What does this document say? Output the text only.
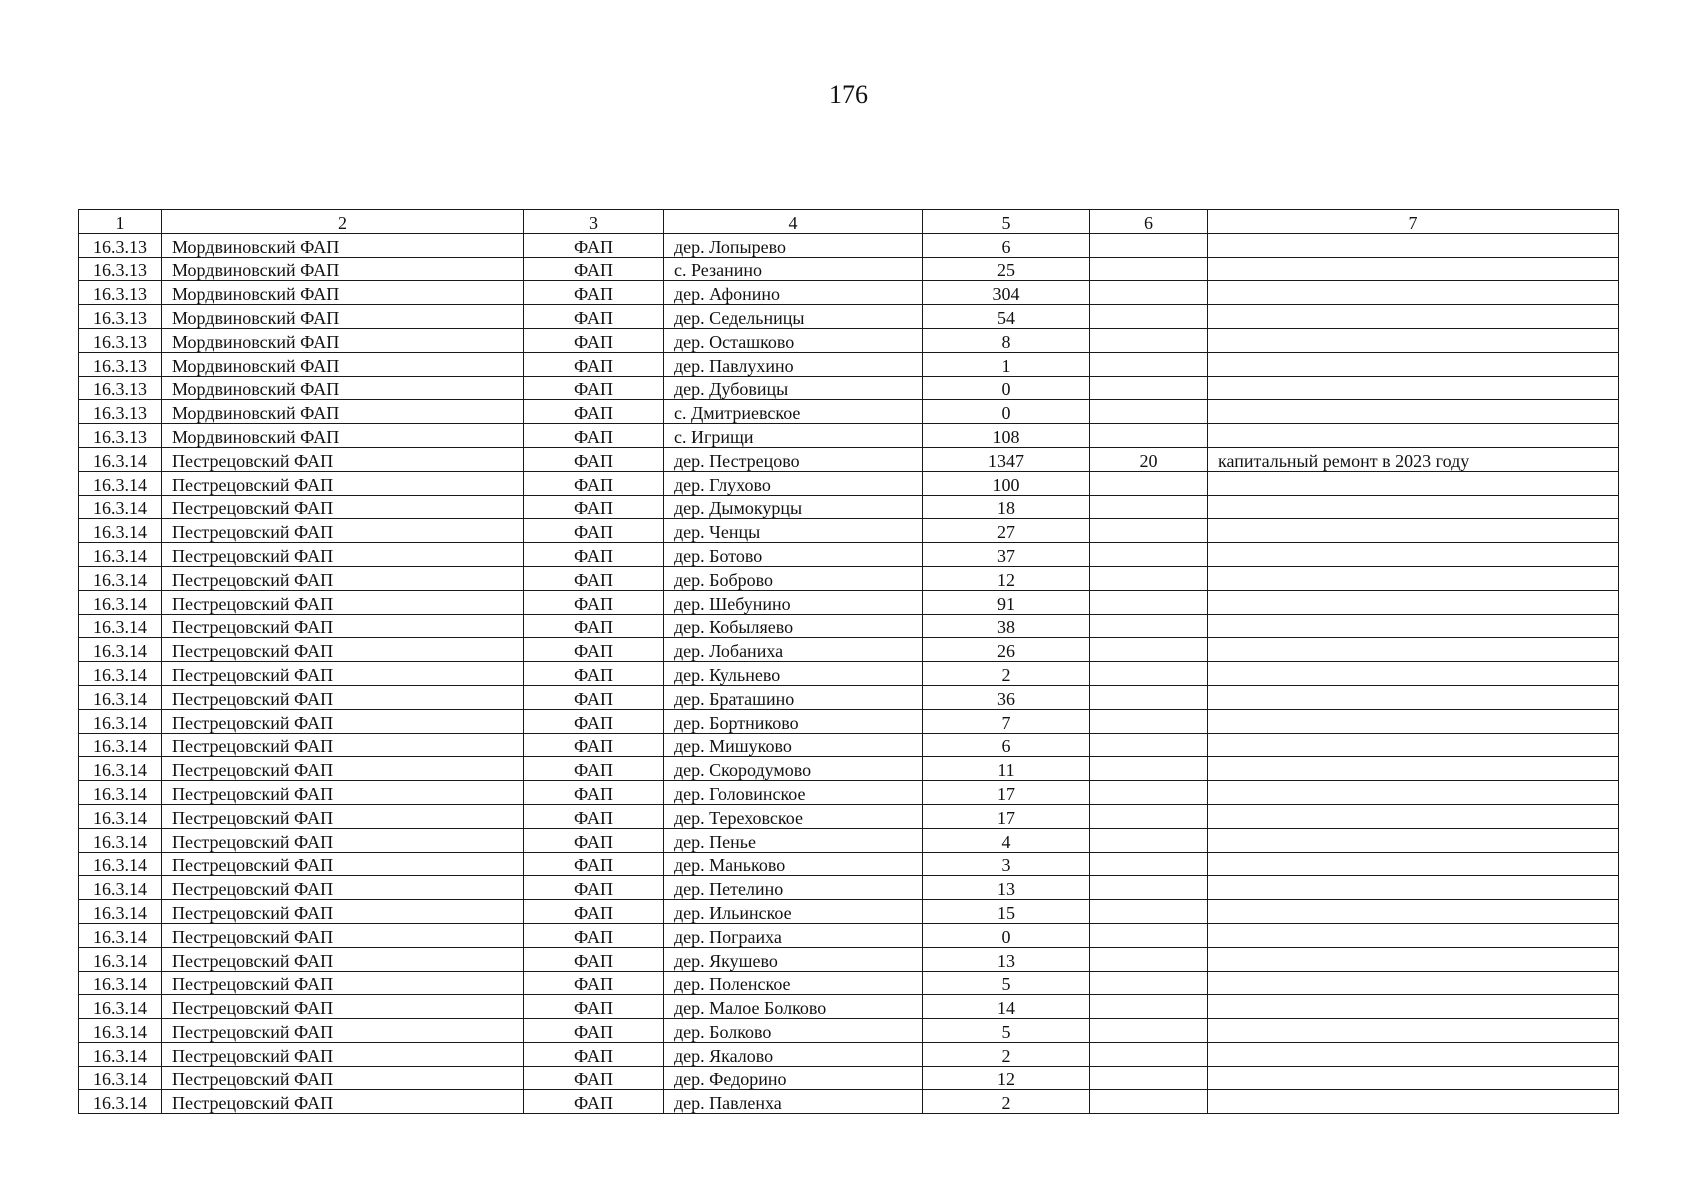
176
1	2	3	4	5	6	7
16.3.13	Мордвиновский ФАП	ФАП	дер. Лопырево	6		
16.3.13	Мордвиновский ФАП	ФАП	с. Резанино	25		
16.3.13	Мордвиновский ФАП	ФАП	дер. Афонино	304		
16.3.13	Мордвиновский ФАП	ФАП	дер. Седельницы	54		
16.3.13	Мордвиновский ФАП	ФАП	дер. Осташково	8		
16.3.13	Мордвиновский ФАП	ФАП	дер. Павлухино	1		
16.3.13	Мордвиновский ФАП	ФАП	дер. Дубовицы	0		
16.3.13	Мордвиновский ФАП	ФАП	с. Дмитриевское	0		
16.3.13	Мордвиновский ФАП	ФАП	с. Игрищи	108		
16.3.14	Пестрецовский ФАП	ФАП	дер. Пестрецово	1347	20	капитальный ремонт в 2023 году
16.3.14	Пестрецовский ФАП	ФАП	дер. Глухово	100		
16.3.14	Пестрецовский ФАП	ФАП	дер. Дымокурцы	18		
16.3.14	Пестрецовский ФАП	ФАП	дер. Ченцы	27		
16.3.14	Пестрецовский ФАП	ФАП	дер. Ботово	37		
16.3.14	Пестрецовский ФАП	ФАП	дер. Боброво	12		
16.3.14	Пестрецовский ФАП	ФАП	дер. Шебунино	91		
16.3.14	Пестрецовский ФАП	ФАП	дер. Кобыляево	38		
16.3.14	Пестрецовский ФАП	ФАП	дер. Лобаниха	26		
16.3.14	Пестрецовский ФАП	ФАП	дер. Кульнево	2		
16.3.14	Пестрецовский ФАП	ФАП	дер. Браташино	36		
16.3.14	Пестрецовский ФАП	ФАП	дер. Бортниково	7		
16.3.14	Пестрецовский ФАП	ФАП	дер. Мишуково	6		
16.3.14	Пестрецовский ФАП	ФАП	дер. Скородумово	11		
16.3.14	Пестрецовский ФАП	ФАП	дер. Головинское	17		
16.3.14	Пестрецовский ФАП	ФАП	дер. Тереховское	17		
16.3.14	Пестрецовский ФАП	ФАП	дер. Пенье	4		
16.3.14	Пестрецовский ФАП	ФАП	дер. Маньково	3		
16.3.14	Пестрецовский ФАП	ФАП	дер. Петелино	13		
16.3.14	Пестрецовский ФАП	ФАП	дер. Ильинское	15		
16.3.14	Пестрецовский ФАП	ФАП	дер. Пограиха	0		
16.3.14	Пестрецовский ФАП	ФАП	дер. Якушево	13		
16.3.14	Пестрецовский ФАП	ФАП	дер. Поленское	5		
16.3.14	Пестрецовский ФАП	ФАП	дер. Малое Болково	14		
16.3.14	Пестрецовский ФАП	ФАП	дер. Болково	5		
16.3.14	Пестрецовский ФАП	ФАП	дер. Якалово	2		
16.3.14	Пестрецовский ФАП	ФАП	дер. Федорино	12		
16.3.14	Пестрецовский ФАП	ФАП	дер. Павленха	2		
